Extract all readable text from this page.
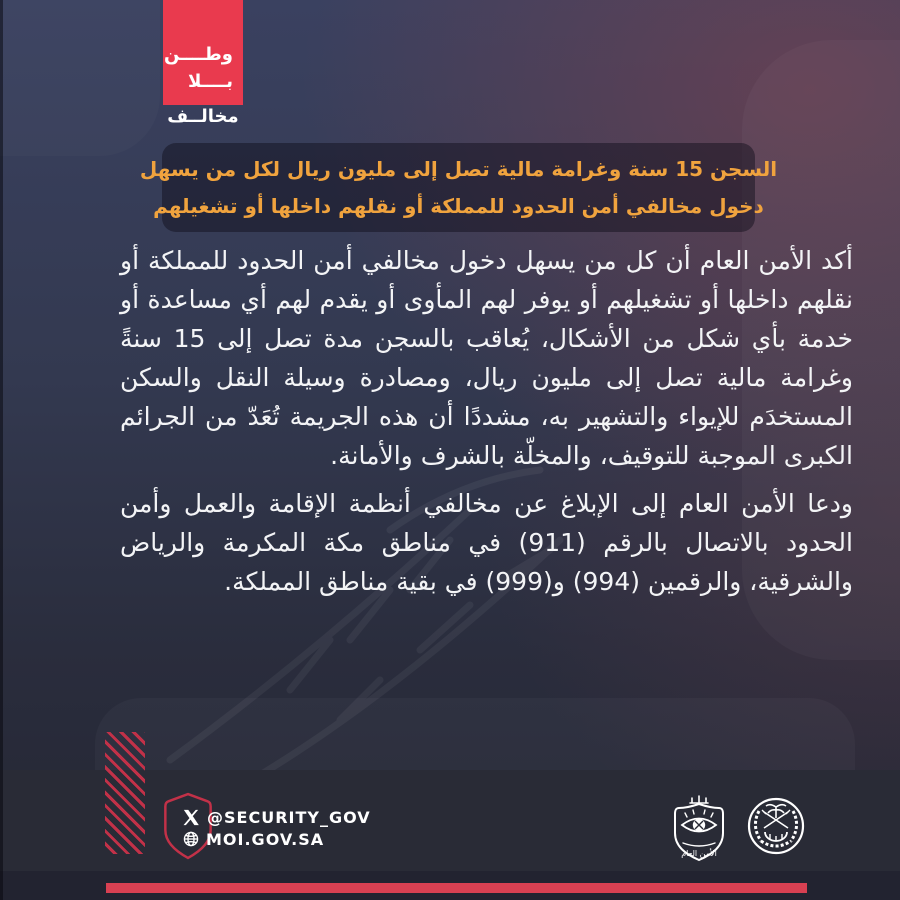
وطــــن
بــــلا
مخالــف
السجن 15 سنة وغرامة مالية تصل إلى مليون ريال لكل من يسهل
دخول مخالفي أمن الحدود للمملكة أو نقلهم داخلها أو تشغيلهم

أكد الأمن العام أن كل من يسهل دخول مخالفي أمن الحدود للمملكة أو نقلهم داخلها أو تشغيلهم أو يوفر لهم المأوى أو يقدم لهم أي مساعدة أو خدمة بأي شكل من الأشكال، يُعاقب بالسجن مدة تصل إلى 15 سنةً وغرامة مالية تصل إلى مليون ريال، ومصادرة وسيلة النقل والسكن المستخدَم للإيواء والتشهير به، مشددًا أن هذه الجريمة تُعَدّ من الجرائم الكبرى الموجبة للتوقيف، والمخلّة بالشرف والأمانة.

ودعا الأمن العام إلى الإبلاغ عن مخالفي أنظمة الإقامة والعمل وأمن الحدود بالاتصال بالرقم (911) في مناطق مكة المكرمة والرياض والشرقية، والرقمين (994) و(999) في بقية مناطق المملكة.

@SECURITY_GOV
MOI.GOV.SA
الأمن العام
